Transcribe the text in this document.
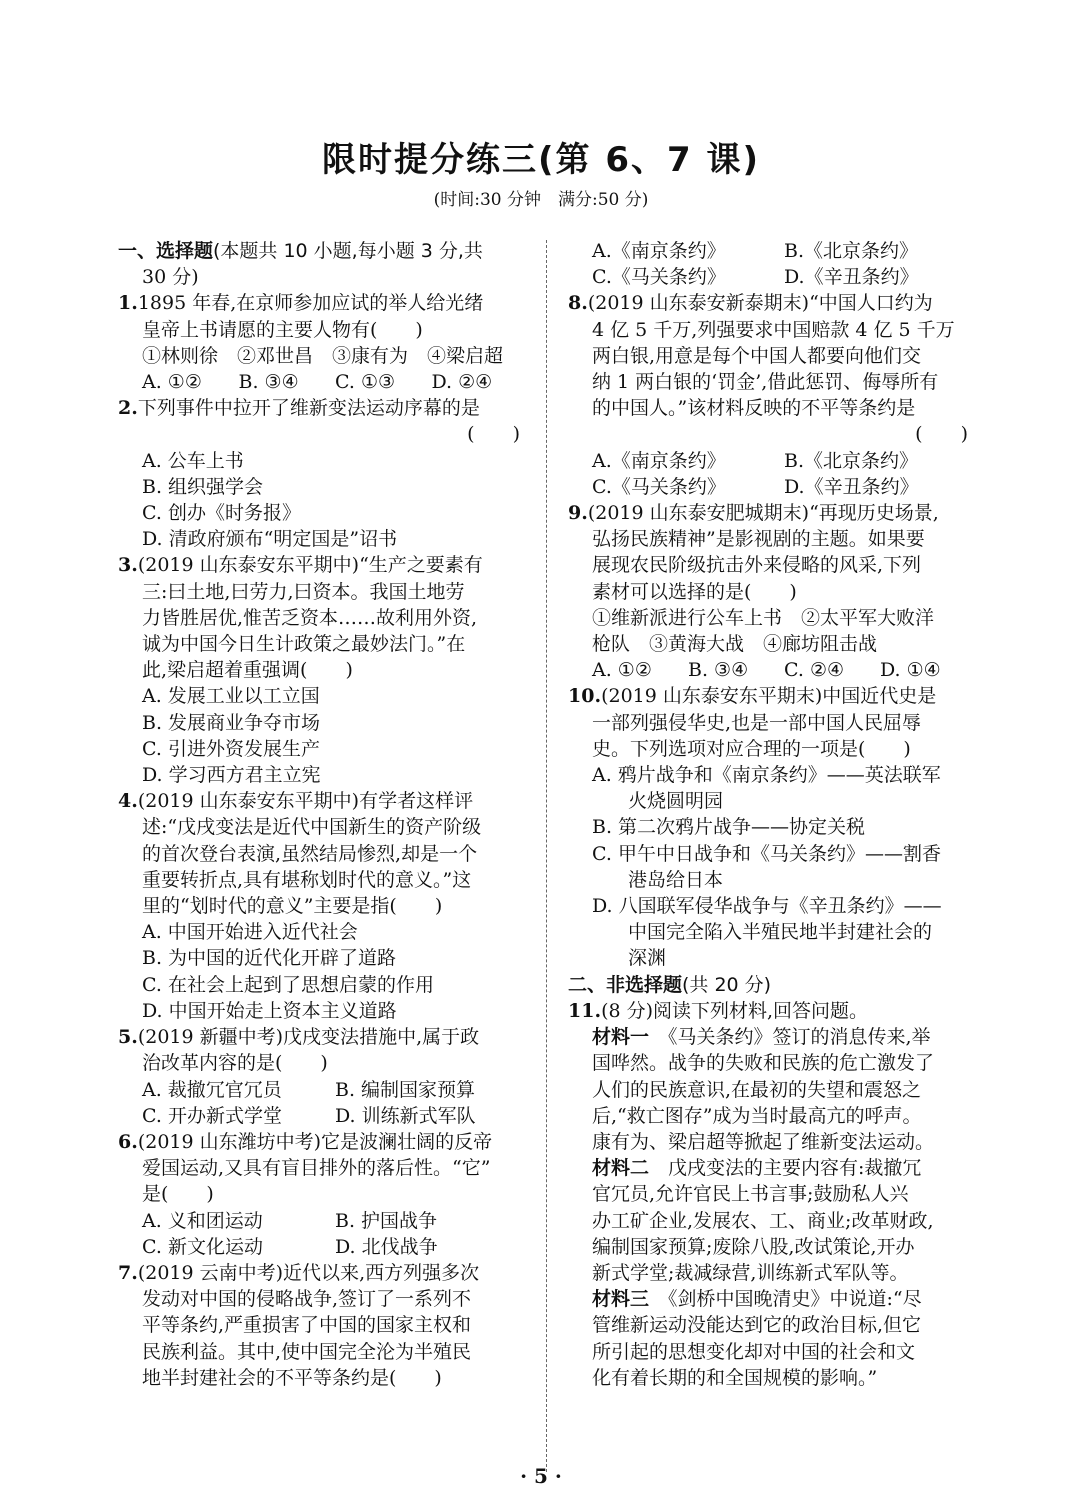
限时提分练三(第 6、7 课)
(时间:30 分钟　满分:50 分)

一、选择题(本题共 10 小题,每小题 3 分,共

30 分)

1.1895 年春,在京师参加应试的举人给光绪

皇帝上书请愿的主要人物有(　　)

①林则徐　②邓世昌　③康有为　④梁启超

A. ①②	B. ③④	C. ①③	D. ②④

2.下列事件中拉开了维新变法运动序幕的是

(　　)

A. 公车上书

B. 组织强学会

C. 创办《时务报》

D. 清政府颁布“明定国是”诏书

3.(2019 山东泰安东平期中)“生产之要素有

三:曰土地,曰劳力,曰资本。我国土地劳

力皆胜居优,惟苦乏资本……故利用外资,

诚为中国今日生计政策之最妙法门。”在

此,梁启超着重强调(　　)

A. 发展工业以工立国

B. 发展商业争夺市场

C. 引进外资发展生产

D. 学习西方君主立宪

4.(2019 山东泰安东平期中)有学者这样评

述:“戊戌变法是近代中国新生的资产阶级

的首次登台表演,虽然结局惨烈,却是一个

重要转折点,具有堪称划时代的意义。”这

里的“划时代的意义”主要是指(　　)

A. 中国开始进入近代社会

B. 为中国的近代化开辟了道路

C. 在社会上起到了思想启蒙的作用

D. 中国开始走上资本主义道路

5.(2019 新疆中考)戊戌变法措施中,属于政

治改革内容的是(　　)

A. 裁撤冗官冗员	B. 编制国家预算
C. 开办新式学堂	D. 训练新式军队

6.(2019 山东潍坊中考)它是波澜壮阔的反帝

爱国运动,又具有盲目排外的落后性。“它”

是(　　)

A. 义和团运动	B. 护国战争
C. 新文化运动	D. 北伐战争

7.(2019 云南中考)近代以来,西方列强多次

发动对中国的侵略战争,签订了一系列不

平等条约,严重损害了中国的国家主权和

民族利益。其中,使中国完全沦为半殖民

地半封建社会的不平等条约是(　　)

A.《南京条约》	B.《北京条约》
C.《马关条约》	D.《辛丑条约》

8.(2019 山东泰安新泰期末)“中国人口约为

4 亿 5 千万,列强要求中国赔款 4 亿 5 千万

两白银,用意是每个中国人都要向他们交

纳 1 两白银的‘罚金’,借此惩罚、侮辱所有

的中国人。”该材料反映的不平等条约是

(　　)

A.《南京条约》	B.《北京条约》
C.《马关条约》	D.《辛丑条约》

9.(2019 山东泰安肥城期末)“再现历史场景,

弘扬民族精神”是影视剧的主题。如果要

展现农民阶级抗击外来侵略的风采,下列

素材可以选择的是(　　)

①维新派进行公车上书　②太平军大败洋

枪队　③黄海大战　④廊坊阻击战

A. ①②	B. ③④	C. ②④	D. ①④

10.(2019 山东泰安东平期末)中国近代史是

一部列强侵华史,也是一部中国人民屈辱

史。下列选项对应合理的一项是(　　)

A. 鸦片战争和《南京条约》——英法联军

火烧圆明园

B. 第二次鸦片战争——协定关税

C. 甲午中日战争和《马关条约》——割香

港岛给日本

D. 八国联军侵华战争与《辛丑条约》——

中国完全陷入半殖民地半封建社会的

深渊

二、非选择题(共 20 分)

11.(8 分)阅读下列材料,回答问题。

材料一　《马关条约》签订的消息传来,举

国哗然。战争的失败和民族的危亡激发了

人们的民族意识,在最初的失望和震怒之

后,“救亡图存”成为当时最高亢的呼声。

康有为、梁启超等掀起了维新变法运动。

材料二　戊戌变法的主要内容有:裁撤冗

官冗员,允许官民上书言事;鼓励私人兴

办工矿企业,发展农、工、商业;改革财政,

编制国家预算;废除八股,改试策论,开办

新式学堂;裁减绿营,训练新式军队等。

材料三　《剑桥中国晚清史》中说道:“尽

管维新运动没能达到它的政治目标,但它

所引起的思想变化却对中国的社会和文

化有着长期的和全国规模的影响。”

· 5 ·
